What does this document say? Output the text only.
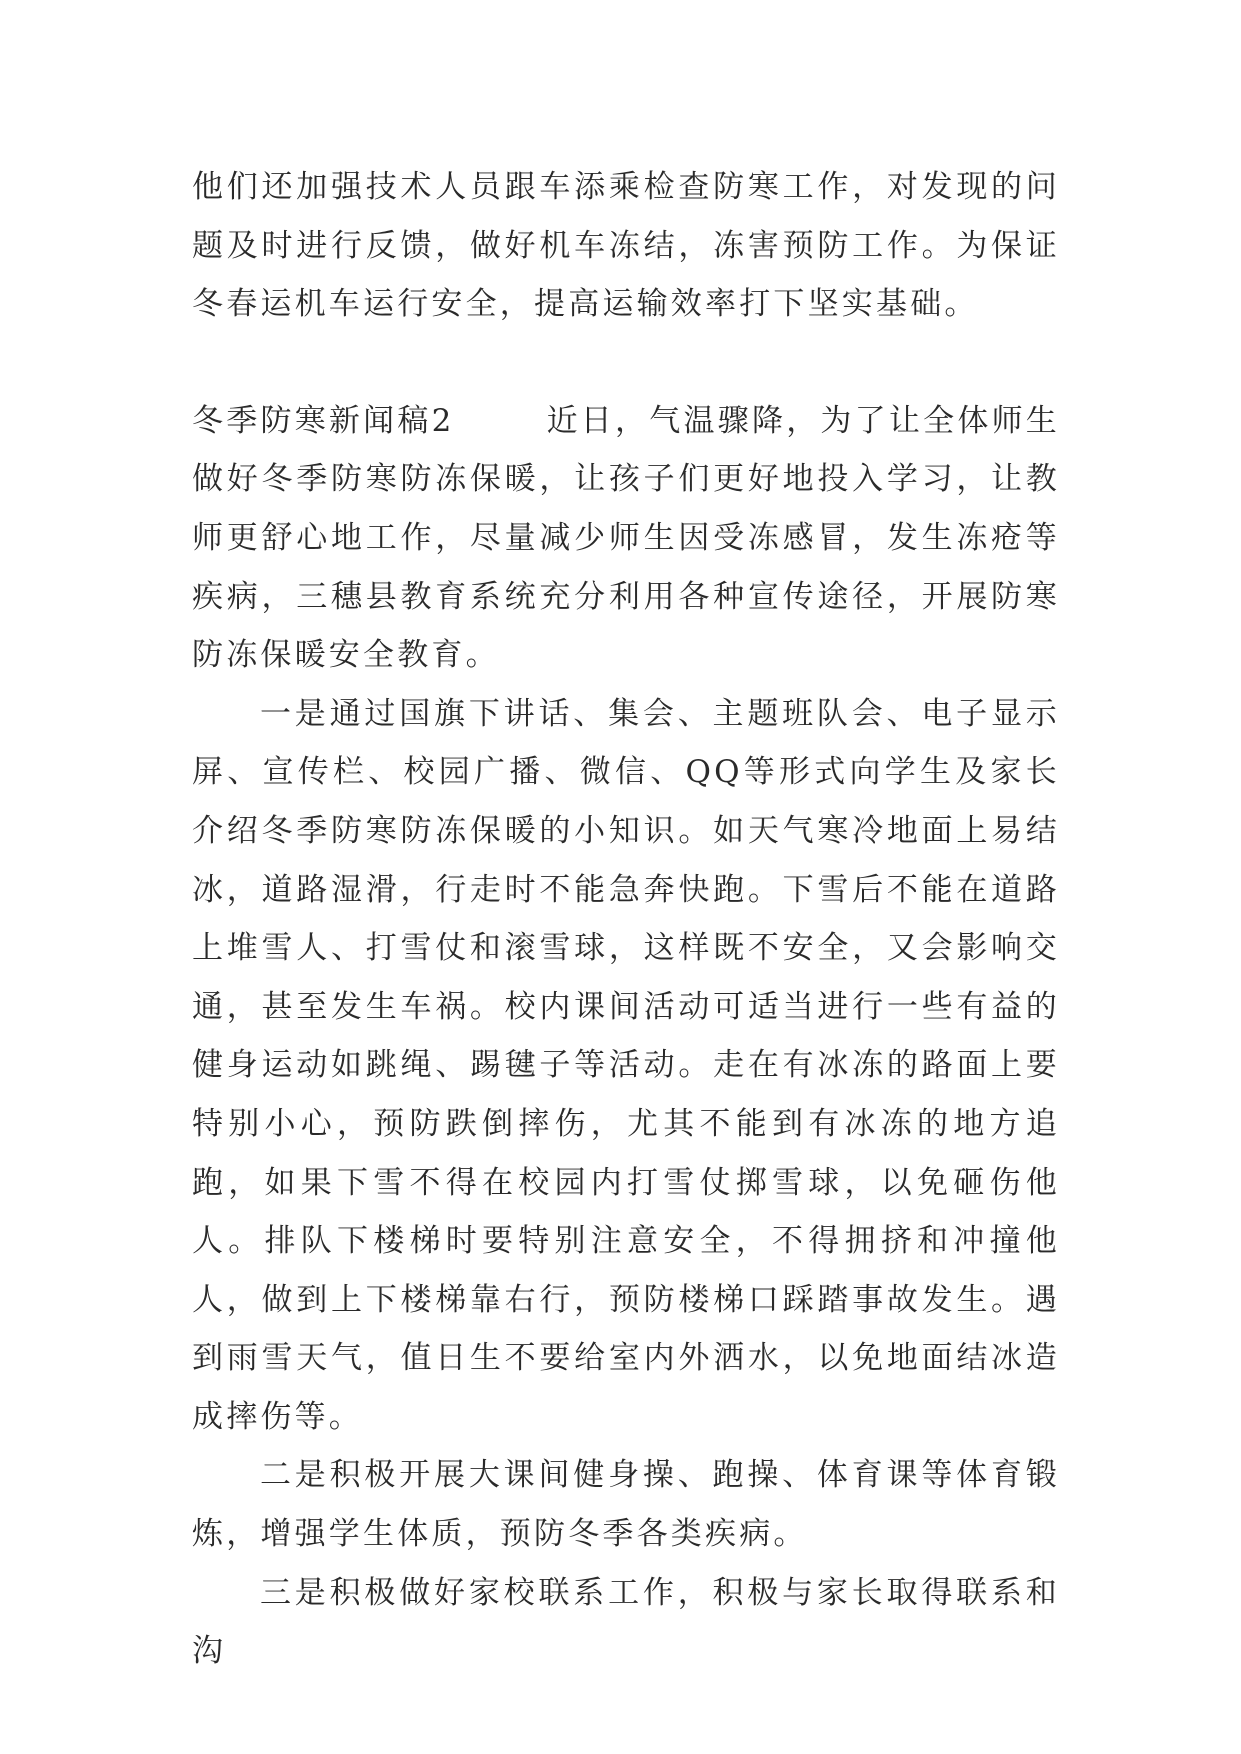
他们还加强技术人员跟车添乘检查防寒工作，对发现的问题及时进行反馈，做好机车冻结，冻害预防工作。为保证冬春运机车运行安全，提高运输效率打下坚实基础。

冬季防寒新闻稿2	近日，气温骤降，为了让全体师生做好冬季防寒防冻保暖，让孩子们更好地投入学习，让教师更舒心地工作，尽量减少师生因受冻感冒，发生冻疮等疾病，三穗县教育系统充分利用各种宣传途径，开展防寒防冻保暖安全教育。

一是通过国旗下讲话、集会、主题班队会、电子显示屏、宣传栏、校园广播、微信、QQ等形式向学生及家长介绍冬季防寒防冻保暖的小知识。如天气寒冷地面上易结冰，道路湿滑，行走时不能急奔快跑。下雪后不能在道路上堆雪人、打雪仗和滚雪球，这样既不安全，又会影响交通，甚至发生车祸。校内课间活动可适当进行一些有益的健身运动如跳绳、踢毽子等活动。走在有冰冻的路面上要特别小心，预防跌倒摔伤，尤其不能到有冰冻的地方追跑，如果下雪不得在校园内打雪仗掷雪球，以免砸伤他人。排队下楼梯时要特别注意安全，不得拥挤和冲撞他人，做到上下楼梯靠右行，预防楼梯口踩踏事故发生。遇到雨雪天气，值日生不要给室内外洒水，以免地面结冰造成摔伤等。

二是积极开展大课间健身操、跑操、体育课等体育锻炼，增强学生体质，预防冬季各类疾病。

三是积极做好家校联系工作，积极与家长取得联系和沟
